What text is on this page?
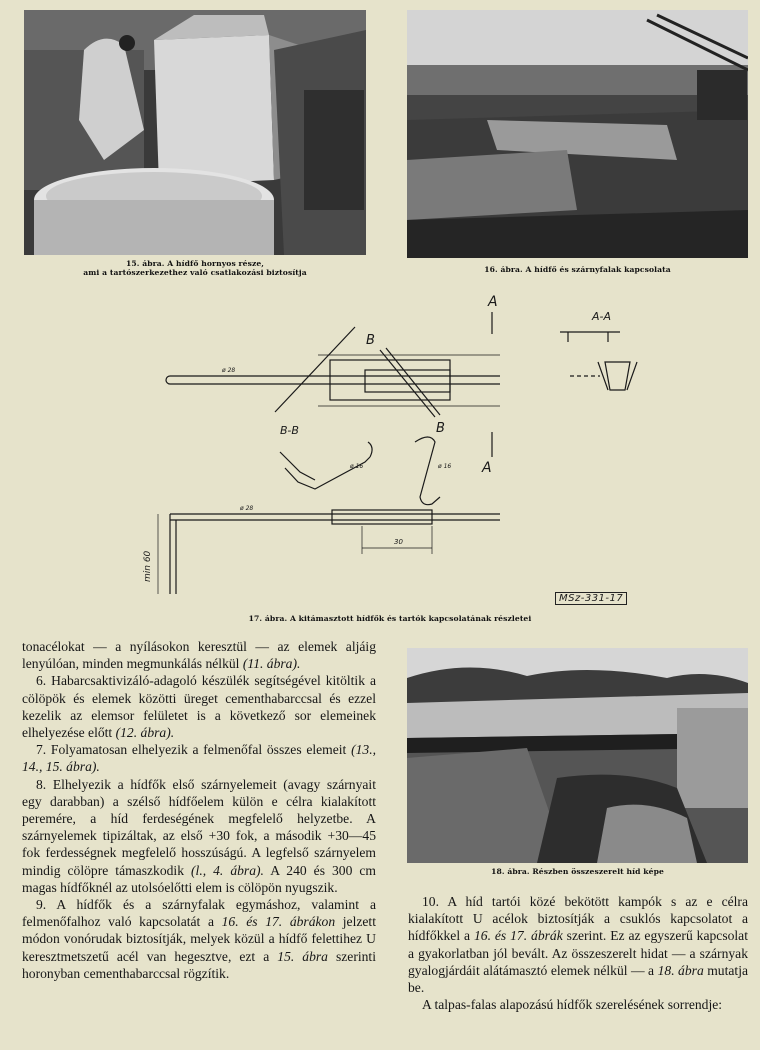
15. ábra. A hídfő hornyos része,
ami a tartószerkezethez való csatlakozási biztosítja	16. ábra. A hídfő és szárnyfalak kapcsolata
A
A
B
B
A-A
B-B
ø 28
ø 16	ø 16
ø 28
30
min 60
MSz-331-17
17. ábra. A kitámasztott hídfők és tartók kapcsolatának részletei

tonacélokat — a nyílásokon keresztül — az elemek aljáig lenyúlóan, minden megmunkálás nélkül (11. ábra).

6. Habarcsaktivizáló-adagoló készülék segítségével kitöltik a cölöpök és elemek közötti üreget cementhabarccsal és ezzel kezelik az elemsor felületet is a következő sor elemeinek elhelyezése előtt (12. ábra).

7. Folyamatosan elhelyezik a felmenőfal összes elemeit (13., 14., 15. ábra).

8. Elhelyezik a hídfők első szárnyelemeit (avagy szárnyait egy darabban) a szélső hídfőelem külön e célra kialakított peremére, a híd ferdeségének megfelelő helyzetbe. A szárnyelemek tipizáltak, az első +30 fok, a második +30—45 fok ferdességnek megfelelő hosszúságú. A legfelső szárnyelem mindig cölöpre támaszkodik (l., 4. ábra). A 240 és 300 cm magas hídfőknél az utolsóelőtti elem is cölöpön nyugszik.

9. A hídfők és a szárnyfalak egymáshoz, valamint a felmenőfalhoz való kapcsolatát a 16. és 17. ábrákon jelzett módon vonórudak biztosítják, melyek közül a hídfő felettihez U keresztmetszetű acél van hegesztve, ezt a 15. ábra szerinti horonyban cementhabarccsal rögzítik.

18. ábra. Részben összeszerelt híd képe

10. A híd tartói közé bekötött kampók s az e célra kialakított U acélok biztosítják a csuklós kapcsolatot a hídfőkkel a 16. és 17. ábrák szerint. Ez az egyszerű kapcsolat a gyakorlatban jól bevált. Az összeszerelt hidat — a szárnyak gyalogjárdáit alátámasztó elemek nélkül — a 18. ábra mutatja be.

A talpas-falas alapozású hídfők szerelésének sorrendje:
